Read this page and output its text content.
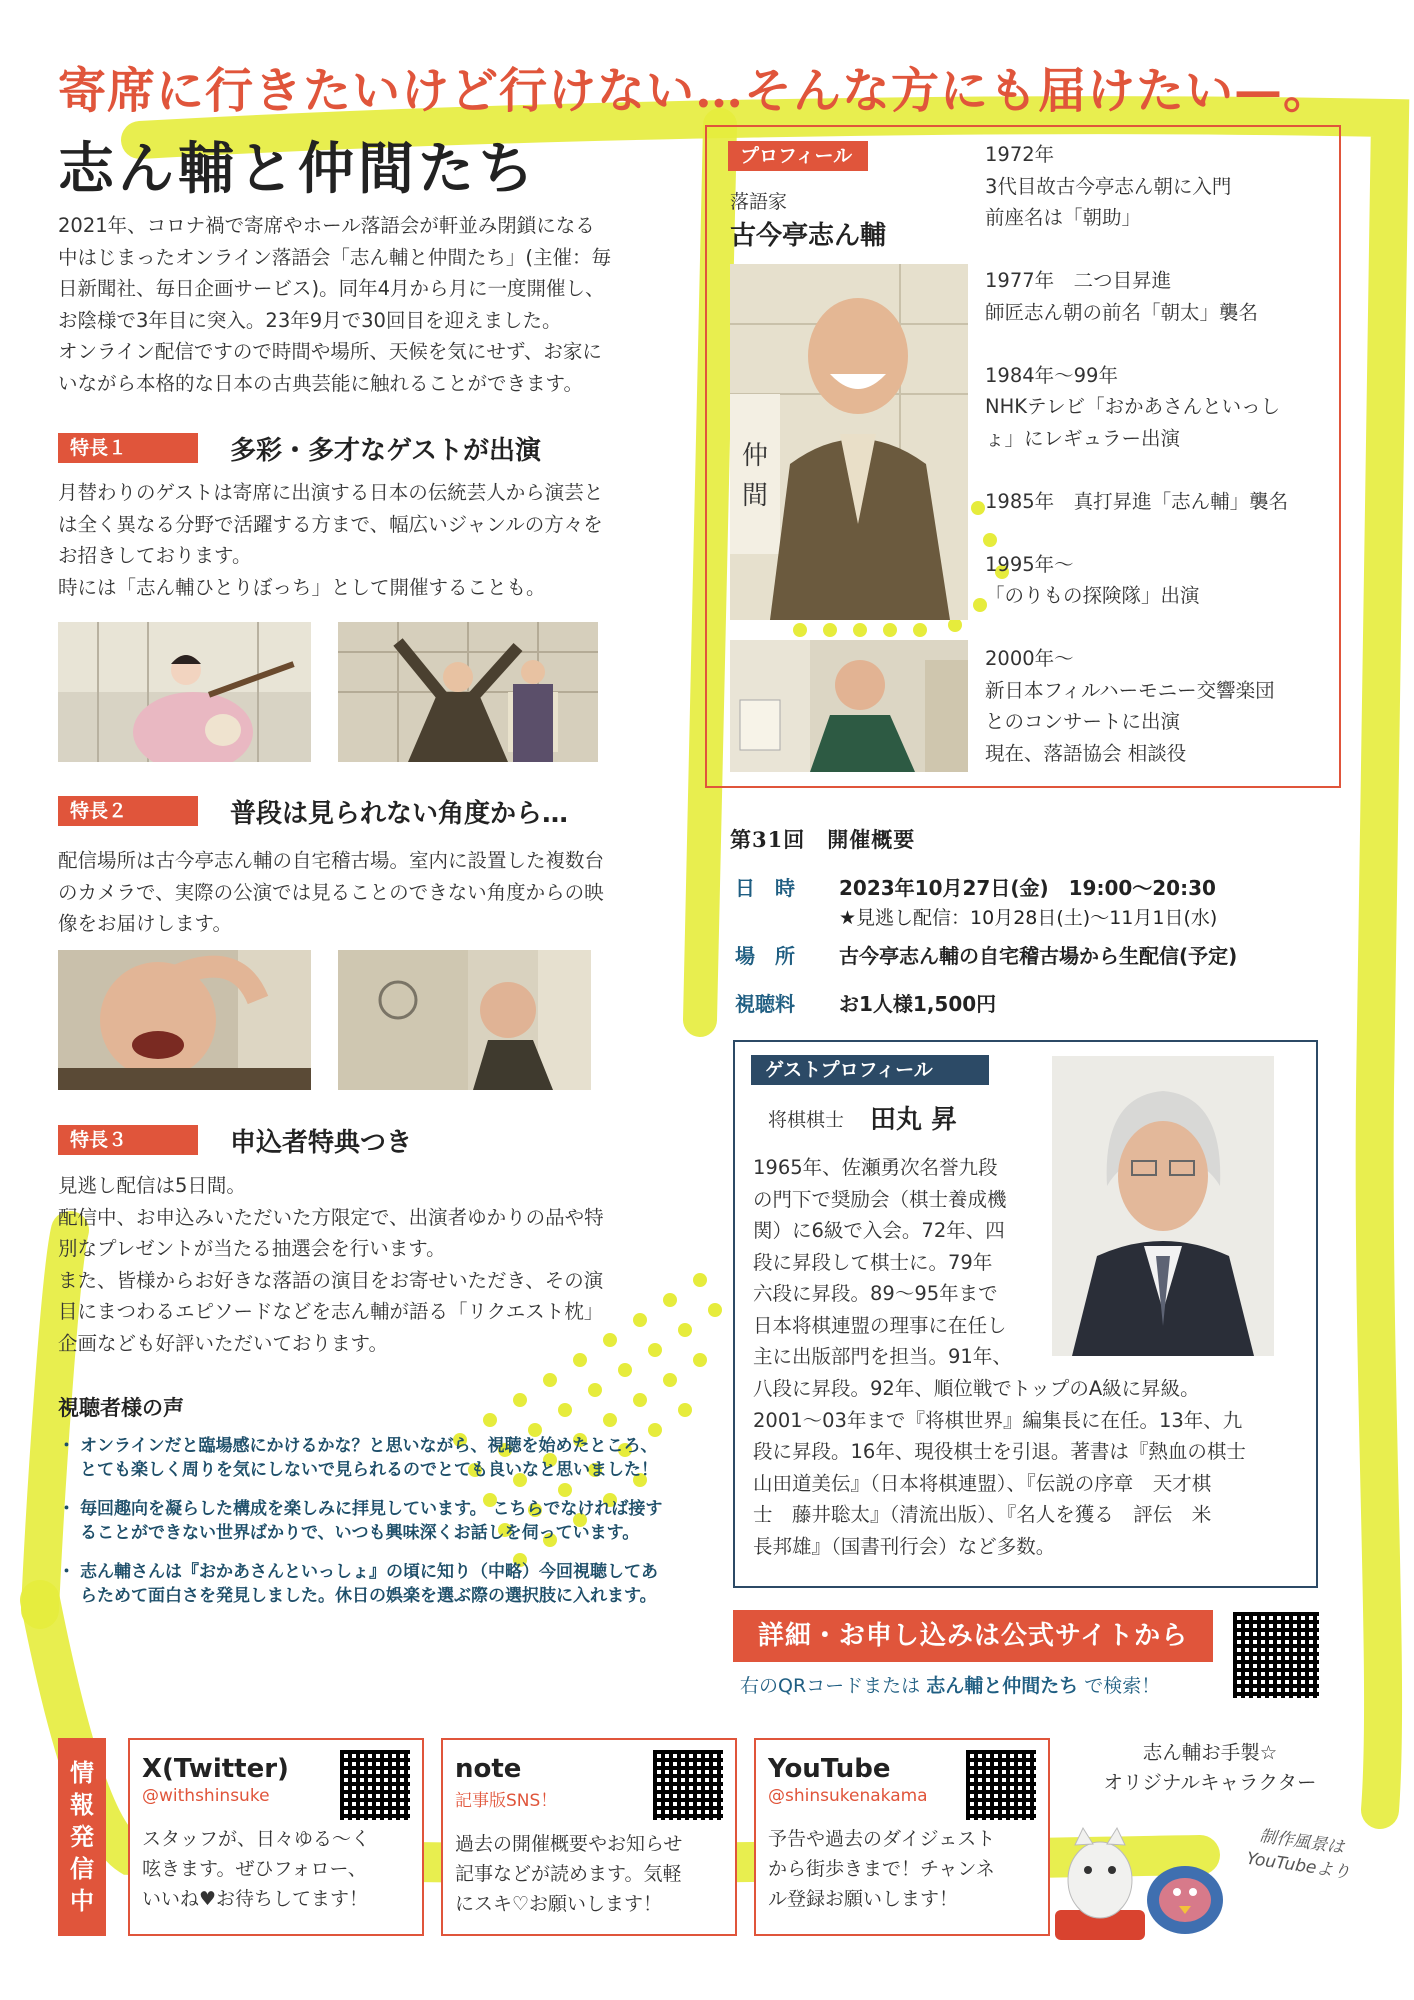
寄席に行きたいけど行けない…そんな方にも届けたい—。
志ん輔と仲間たち
2021年、コロナ禍で寄席やホール落語会が軒並み閉鎖になる
中はじまったオンライン落語会「志ん輔と仲間たち」(主催：毎
日新聞社、毎日企画サービス)。同年4月から月に一度開催し、
お陰様で3年目に突入。23年9月で30回目を迎えました。
オンライン配信ですので時間や場所、天候を気にせず、お家に
いながら本格的な日本の古典芸能に触れることができます。
特長１	多彩・多才なゲストが出演
月替わりのゲストは寄席に出演する日本の伝統芸人から演芸と
は全く異なる分野で活躍する方まで、幅広いジャンルの方々を
お招きしております。
時には「志ん輔ひとりぼっち」として開催することも。
特長２	普段は見られない角度から…
配信場所は古今亭志ん輔の自宅稽古場。室内に設置した複数台
のカメラで、実際の公演では見ることのできない角度からの映
像をお届けします。
特長３	申込者特典つき
見逃し配信は5日間。
配信中、お申込みいただいた方限定で、出演者ゆかりの品や特
別なプレゼントが当たる抽選会を行います。
また、皆様からお好きな落語の演目をお寄せいただき、その演
目にまつわるエピソードなどを志ん輔が語る「リクエスト枕」
企画なども好評いただいております。
視聴者様の声
・ オンラインだと臨場感にかけるかな？と思いながら、視聴を始めたところ、とても楽しく周りを気にしないで見られるのでとても良いなと思いました！
・ 毎回趣向を凝らした構成を楽しみに拝見しています。 こちらでなければ接することができない世界ばかりで、いつも興味深くお話しを伺っています。
・ 志ん輔さんは『おかあさんといっしょ』の頃に知り（中略）今回視聴してあらためて面白さを発見しました。休日の娯楽を選ぶ際の選択肢に入れます。
プロフィール
落語家
古今亭志ん輔
仲
間

1972年
3代目故古今亭志ん朝に入門
前座名は「朝助」

1977年　二つ目昇進
師匠志ん朝の前名「朝太」襲名

1984年～99年
NHKテレビ「おかあさんといっし
ょ」にレギュラー出演

1985年　真打昇進「志ん輔」襲名

1995年～
「のりもの探険隊」出演

2000年～
新日本フィルハーモニー交響楽団
とのコンサートに出演
現在、落語協会 相談役

第31回　開催概要
日　時 2023年10月27日(金)　19:00～20:30
★見逃し配信：10月28日(土)～11月1日(水)
場　所 古今亭志ん輔の自宅稽古場から生配信(予定)
視聴料 お1人様1,500円
ゲストプロフィール
将棋棋士 田丸 昇
1965年、佐瀬勇次名誉九段
の門下で奨励会（棋士養成機
関）に6級で入会。72年、四
段に昇段して棋士に。79年
六段に昇段。89～95年まで
日本将棋連盟の理事に在任し
主に出版部門を担当。91年、
八段に昇段。92年、順位戦でトップのA級に昇級。
2001～03年まで『将棋世界』編集長に在任。13年、九
段に昇段。16年、現役棋士を引退。著書は『熱血の棋士
山田道美伝』（日本将棋連盟）、『伝説の序章　天才棋
士　藤井聡太』（清流出版）、『名人を獲る　評伝　米
長邦雄』（国書刊行会）など多数。
詳細・お申し込みは公式サイトから
右のQRコードまたは 志ん輔と仲間たち で検索！
情
報
発
信
中
X(Twitter)
@withshinsuke
スタッフが、日々ゆる～く
呟きます。ぜひフォロー、
いいね♥お待ちしてます！
note
記事版SNS！
過去の開催概要やお知らせ
記事などが読めます。気軽
にスキ♡お願いします！
YouTube
@shinsukenakama
予告や過去のダイジェスト
から街歩きまで！チャンネ
ル登録お願いします！
志ん輔お手製☆
オリジナルキャラクター
制作風景は
YouTubeより
